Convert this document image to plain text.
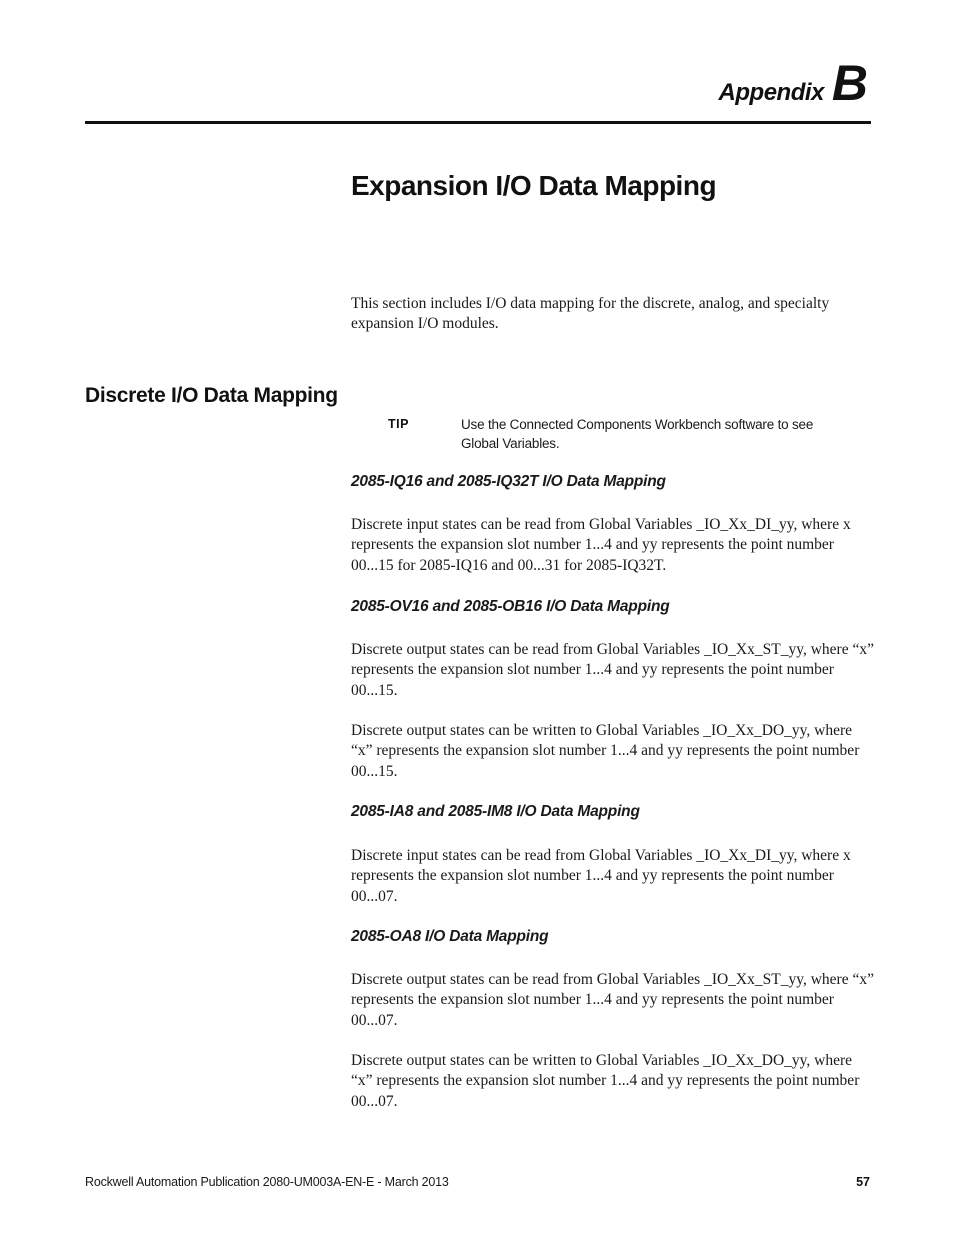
Appendix B
Expansion I/O Data Mapping

This section includes I/O data mapping for the discrete, analog, and specialty expansion I/O modules.

Discrete I/O Data Mapping
TIP	Use the Connected Components Workbench software to see Global Variables.

2085-IQ16 and 2085-IQ32T I/O Data Mapping

Discrete input states can be read from Global Variables _IO_Xx_DI_yy, where x represents the expansion slot number 1...4 and yy represents the point number 00...15 for 2085-IQ16 and 00...31 for 2085-IQ32T.

2085-OV16 and 2085-OB16 I/O Data Mapping

Discrete output states can be read from Global Variables _IO_Xx_ST_yy, where “x” represents the expansion slot number 1...4 and yy represents the point number 00...15.

Discrete output states can be written to Global Variables _IO_Xx_DO_yy, where “x” represents the expansion slot number 1...4 and yy represents the point number 00...15.

2085-IA8 and 2085-IM8 I/O Data Mapping

Discrete input states can be read from Global Variables _IO_Xx_DI_yy, where x represents the expansion slot number 1...4 and yy represents the point number 00...07.

2085-OA8 I/O Data Mapping

Discrete output states can be read from Global Variables _IO_Xx_ST_yy, where “x” represents the expansion slot number 1...4 and yy represents the point number 00...07.

Discrete output states can be written to Global Variables _IO_Xx_DO_yy, where “x” represents the expansion slot number 1...4 and yy represents the point number 00...07.

Rockwell Automation Publication 2080-UM003A-EN-E - March 2013	57
